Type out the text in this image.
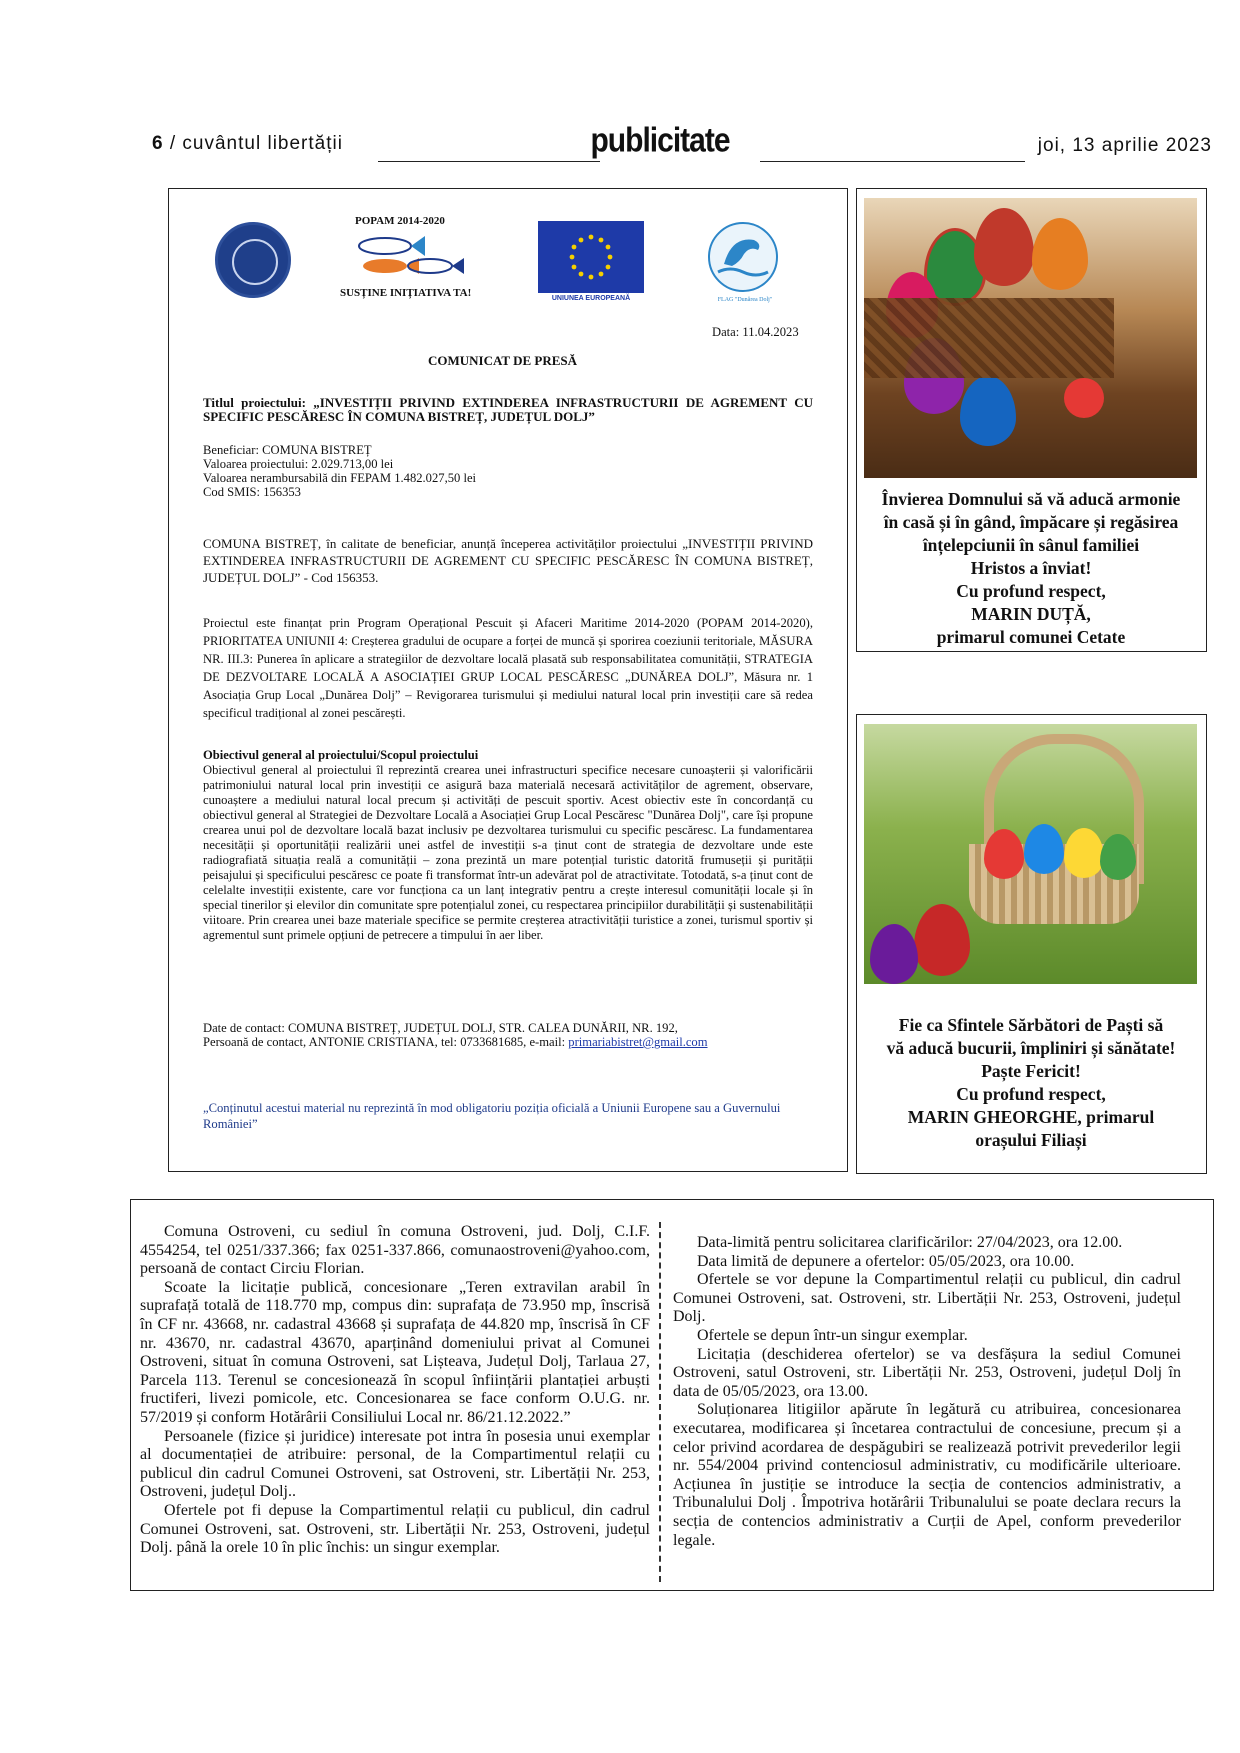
6 / cuvântul libertății	publicitate	joi, 13 aprilie 2023
POPAM 2014-2020
SUSȚINE INIȚIATIVA TA!	UNIUNEA EUROPEANĂ	FLAG "Dunărea Dolj"
Data: 11.04.2023
COMUNICAT DE PRESĂ
Titlul proiectului: „INVESTIȚII PRIVIND EXTINDEREA INFRASTRUCTURII DE AGREMENT CU SPECIFIC PESCĂRESC ÎN COMUNA BISTREȚ, JUDEȚUL DOLJ”
Beneficiar: COMUNA BISTREȚ
Valoarea proiectului: 2.029.713,00 lei
Valoarea nerambursabilă din FEPAM 1.482.027,50 lei
Cod SMIS: 156353
COMUNA BISTREȚ, în calitate de beneficiar, anunță începerea activităților proiectului „INVESTIȚII PRIVIND EXTINDEREA INFRASTRUCTURII DE AGREMENT CU SPECIFIC PESCĂRESC ÎN COMUNA BISTREȚ, JUDEȚUL DOLJ” - Cod 156353.
Proiectul este finanțat prin Program Operațional Pescuit și Afaceri Maritime 2014-2020 (POPAM 2014-2020), PRIORITATEA UNIUNII 4: Creșterea gradului de ocupare a forței de muncă și sporirea coeziunii teritoriale, MĂSURA NR. III.3: Punerea în aplicare a strategiilor de dezvoltare locală plasată sub responsabilitatea comunității, STRATEGIA DE DEZVOLTARE LOCALĂ A ASOCIAȚIEI GRUP LOCAL PESCĂRESC „DUNĂREA DOLJ”, Măsura nr. 1 Asociația Grup Local „Dunărea Dolj” – Revigorarea turismului și mediului natural local prin investiții care să redea specificul tradițional al zonei pescărești.
Obiectivul general al proiectului/Scopul proiectului
Obiectivul general al proiectului îl reprezintă crearea unei infrastructuri specifice necesare cunoașterii și valorificării patrimoniului natural local prin investiții ce asigură baza materială necesară activităților de agrement, observare, cunoaștere a mediului natural local precum și activități de pescuit sportiv. Acest obiectiv este în concordanță cu obiectivul general al Strategiei de Dezvoltare Locală a Asociației Grup Local Pescăresc "Dunărea Dolj", care își propune crearea unui pol de dezvoltare locală bazat inclusiv pe dezvoltarea turismului cu specific pescăresc. La fundamentarea necesității și oportunității realizării unei astfel de investiții s-a ținut cont de strategia de dezvoltare unde este radiografiată situația reală a comunității – zona prezintă un mare potențial turistic datorită frumuseții și purității peisajului și specificului pescăresc ce poate fi transformat într-un adevărat pol de atractivitate. Totodată, s-a ținut cont de celelalte investiții existente, care vor funcționa ca un lanț integrativ pentru a crește interesul comunității locale și în special tinerilor și elevilor din comunitate spre potențialul zonei, cu respectarea principiilor durabilității și sustenabilității viitoare. Prin crearea unei baze materiale specifice se permite creșterea atractivității turistice a zonei, turismul sportiv și agrementul sunt primele opțiuni de petrecere a timpului în aer liber.
Date de contact: COMUNA BISTREȚ, JUDEȚUL DOLJ, STR. CALEA DUNĂRII, NR. 192,
Persoană de contact, ANTONIE CRISTIANA, tel: 0733681685, e-mail: primariabistret@gmail.com
„Conținutul acestui material nu reprezintă în mod obligatoriu poziția oficială a Uniunii Europene sau a Guvernului României”
Învierea Domnului să vă aducă armonie
în casă și în gând, împăcare și regăsirea
înțelepciunii în sânul familiei
Hristos a înviat!
Cu profund respect,
MARIN DUȚĂ,
primarul comunei Cetate
Fie ca Sfintele Sărbători de Paști să
vă aducă bucurii, împliniri și sănătate!
Paște Fericit!
Cu profund respect,
MARIN GHEORGHE, primarul
orașului Filiași
Comuna Ostroveni, cu sediul în comuna Ostroveni, jud. Dolj, C.I.F. 4554254, tel 0251/337.366; fax 0251-337.866, comunaostroveni@yahoo.com, persoană de contact Circiu Florian.
Scoate la licitație publică, concesionare „Teren extravilan arabil în suprafață totală de 118.770 mp, compus din: suprafața de 73.950 mp, înscrisă în CF nr. 43668, nr. cadastral 43668 și suprafața de 44.820 mp, înscrisă în CF nr. 43670, nr. cadastral 43670, aparținând domeniului privat al Comunei Ostroveni, situat în comuna Ostroveni, sat Lișteava, Județul Dolj, Tarlaua 27, Parcela 113. Terenul se concesionează în scopul înființării plantației arbuști fructiferi, livezi pomicole, etc. Concesionarea se face conform O.U.G. nr. 57/2019 și conform Hotărârii Consiliului Local nr. 86/21.12.2022.”
Persoanele (fizice și juridice) interesate pot intra în posesia unui exemplar al documentației de atribuire: personal, de la Compartimentul relații cu publicul din cadrul Comunei Ostroveni, sat Ostroveni, str. Libertății Nr. 253, Ostroveni, județul Dolj..
Ofertele pot fi depuse la Compartimentul relații cu publicul, din cadrul Comunei Ostroveni, sat. Ostroveni, str. Libertății Nr. 253, Ostroveni, județul Dolj. până la orele 10 în plic închis: un singur exemplar.
Data-limită pentru solicitarea clarificărilor: 27/04/2023, ora 12.00.
Data limită de depunere a ofertelor: 05/05/2023, ora 10.00.
Ofertele se vor depune la Compartimentul relații cu publicul, din cadrul Comunei Ostroveni, sat. Ostroveni, str. Libertății Nr. 253, Ostroveni, județul Dolj.
Ofertele se depun într-un singur exemplar.
Licitația (deschiderea ofertelor) se va desfășura la sediul Comunei Ostroveni, satul Ostroveni, str. Libertății Nr. 253, Ostroveni, județul Dolj în data de 05/05/2023, ora 13.00.
Soluționarea litigiilor apărute în legătură cu atribuirea, concesionarea executarea, modificarea și încetarea contractului de concesiune, precum și a celor privind acordarea de despăgubiri se realizează potrivit prevederilor legii nr. 554/2004 privind contenciosul administrativ, cu modificările ulterioare. Acțiunea în justiție se introduce la secția de contencios administrativ, a Tribunalului Dolj . Împotriva hotărârii Tribunalului se poate declara recurs la secția de contencios administrativ a Curții de Apel, conform prevederilor legale.
